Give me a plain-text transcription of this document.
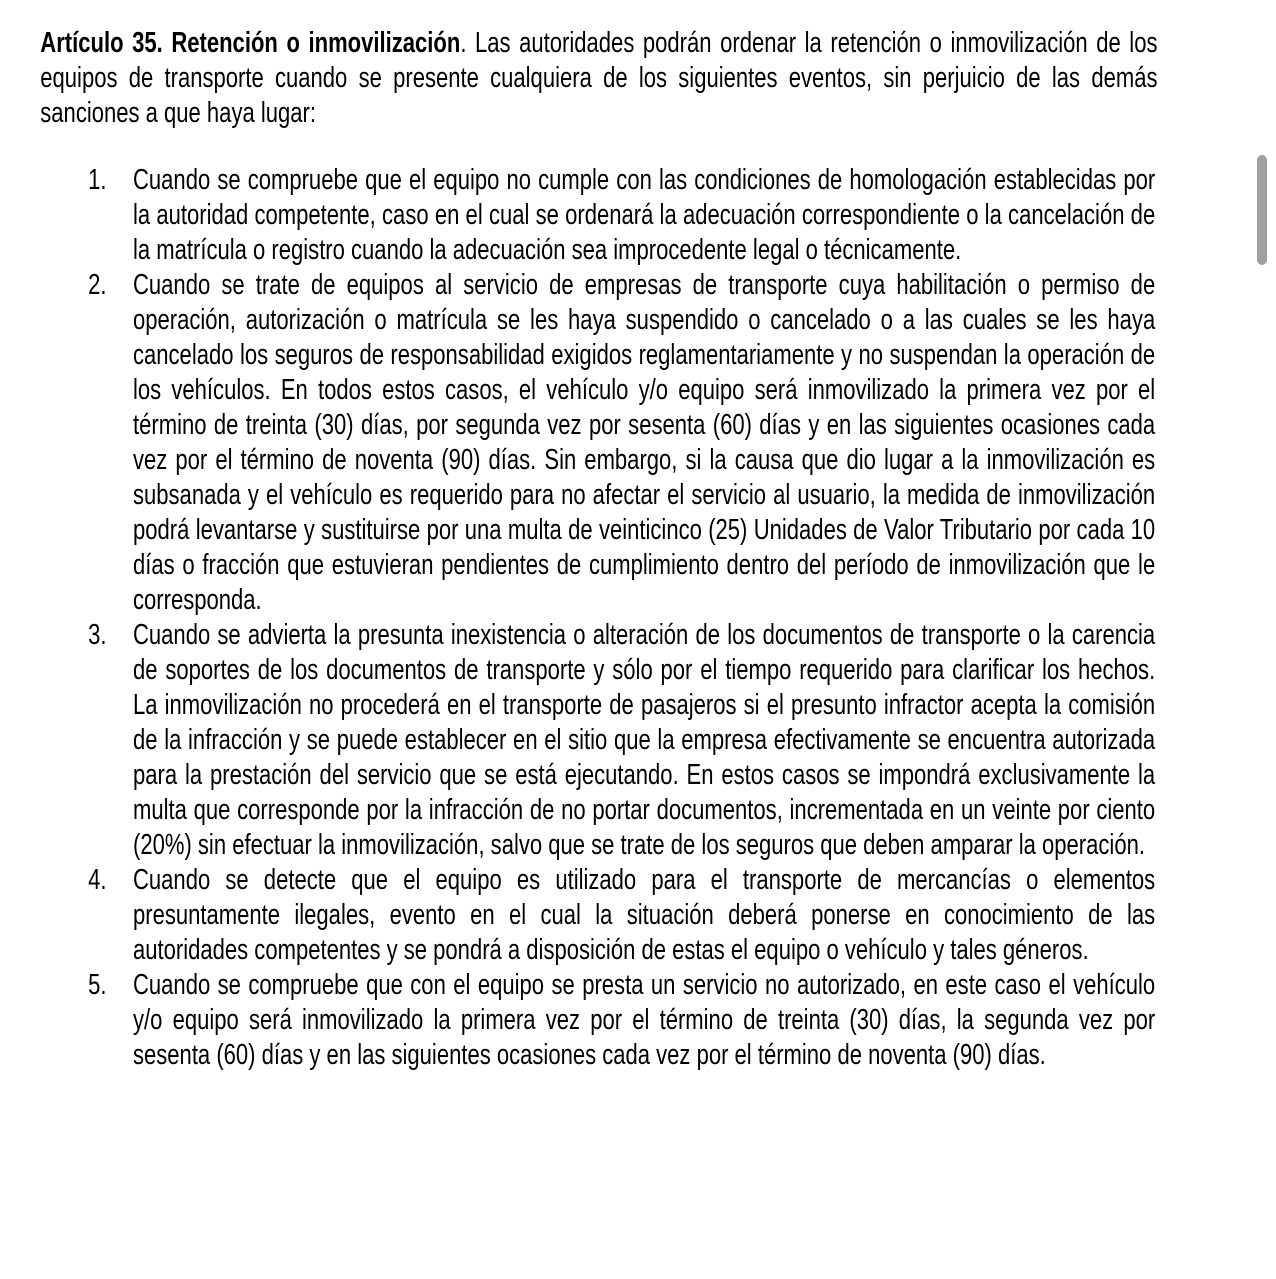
Artículo 35. Retención o inmovilización. Las autoridades podrán ordenar la retención o inmovilización de los equipos de transporte cuando se presente cualquiera de los siguientes eventos, sin perjuicio de las demás sanciones a que haya lugar:

1. Cuando se compruebe que el equipo no cumple con las condiciones de homologación establecidas por la autoridad competente, caso en el cual se ordenará la adecuación correspondiente o la cancelación de la matrícula o registro cuando la adecuación sea improcedente legal o técnicamente.
2. Cuando se trate de equipos al servicio de empresas de transporte cuya habilitación o permiso de operación, autorización o matrícula se les haya suspendido o cancelado o a las cuales se les haya cancelado los seguros de responsabilidad exigidos reglamentariamente y no suspendan la operación de los vehículos. En todos estos casos, el vehículo y/o equipo será inmovilizado la primera vez por el término de treinta (30) días, por segunda vez por sesenta (60) días y en las siguientes ocasiones cada vez por el término de noventa (90) días. Sin embargo, si la causa que dio lugar a la inmovilización es subsanada y el vehículo es requerido para no afectar el servicio al usuario, la medida de inmovilización podrá levantarse y sustituirse por una multa de veinticinco (25) Unidades de Valor Tributario por cada 10 días o fracción que estuvieran pendientes de cumplimiento dentro del período de inmovilización que le corresponda.
3. Cuando se advierta la presunta inexistencia o alteración de los documentos de transporte o la carencia de soportes de los documentos de transporte y sólo por el tiempo requerido para clarificar los hechos. La inmovilización no procederá en el transporte de pasajeros si el presunto infractor acepta la comisión de la infracción y se puede establecer en el sitio que la empresa efectivamente se encuentra autorizada para la prestación del servicio que se está ejecutando. En estos casos se impondrá exclusivamente la multa que corresponde por la infracción de no portar documentos, incrementada en un veinte por ciento (20%) sin efectuar la inmovilización, salvo que se trate de los seguros que deben amparar la operación.
4. Cuando se detecte que el equipo es utilizado para el transporte de mercancías o elementos presuntamente ilegales, evento en el cual la situación deberá ponerse en conocimiento de las autoridades competentes y se pondrá a disposición de estas el equipo o vehículo y tales géneros.
5. Cuando se compruebe que con el equipo se presta un servicio no autorizado, en este caso el vehículo y/o equipo será inmovilizado la primera vez por el término de treinta (30) días, la segunda vez por sesenta (60) días y en las siguientes ocasiones cada vez por el término de noventa (90) días.
